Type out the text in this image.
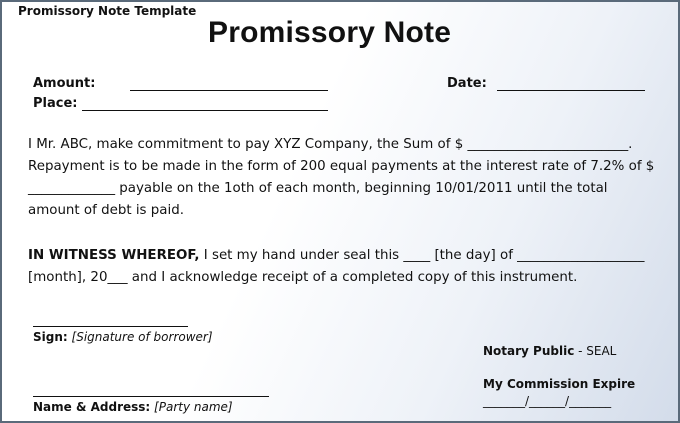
Promissory Note Template
Promissory Note
Amount:	Date:
Place:
I Mr. ABC, make commitment to pay XYZ Company, the Sum of $ ________________________.
Repayment is to be made in the form of 200 equal payments at the interest rate of 7.2% of $
_____________ payable on the 1oth of each month, beginning 10/01/2011 until the total
amount of debt is paid.
IN WITNESS WHEREOF, I set my hand under seal this ____ [the day] of ___________________
[month], 20___ and I acknowledge receipt of a completed copy of this instrument.
Sign: [Signature of borrower]
Name & Address: [Party name]
Notary Public - SEAL
My Commission Expire
_______/______/_______
